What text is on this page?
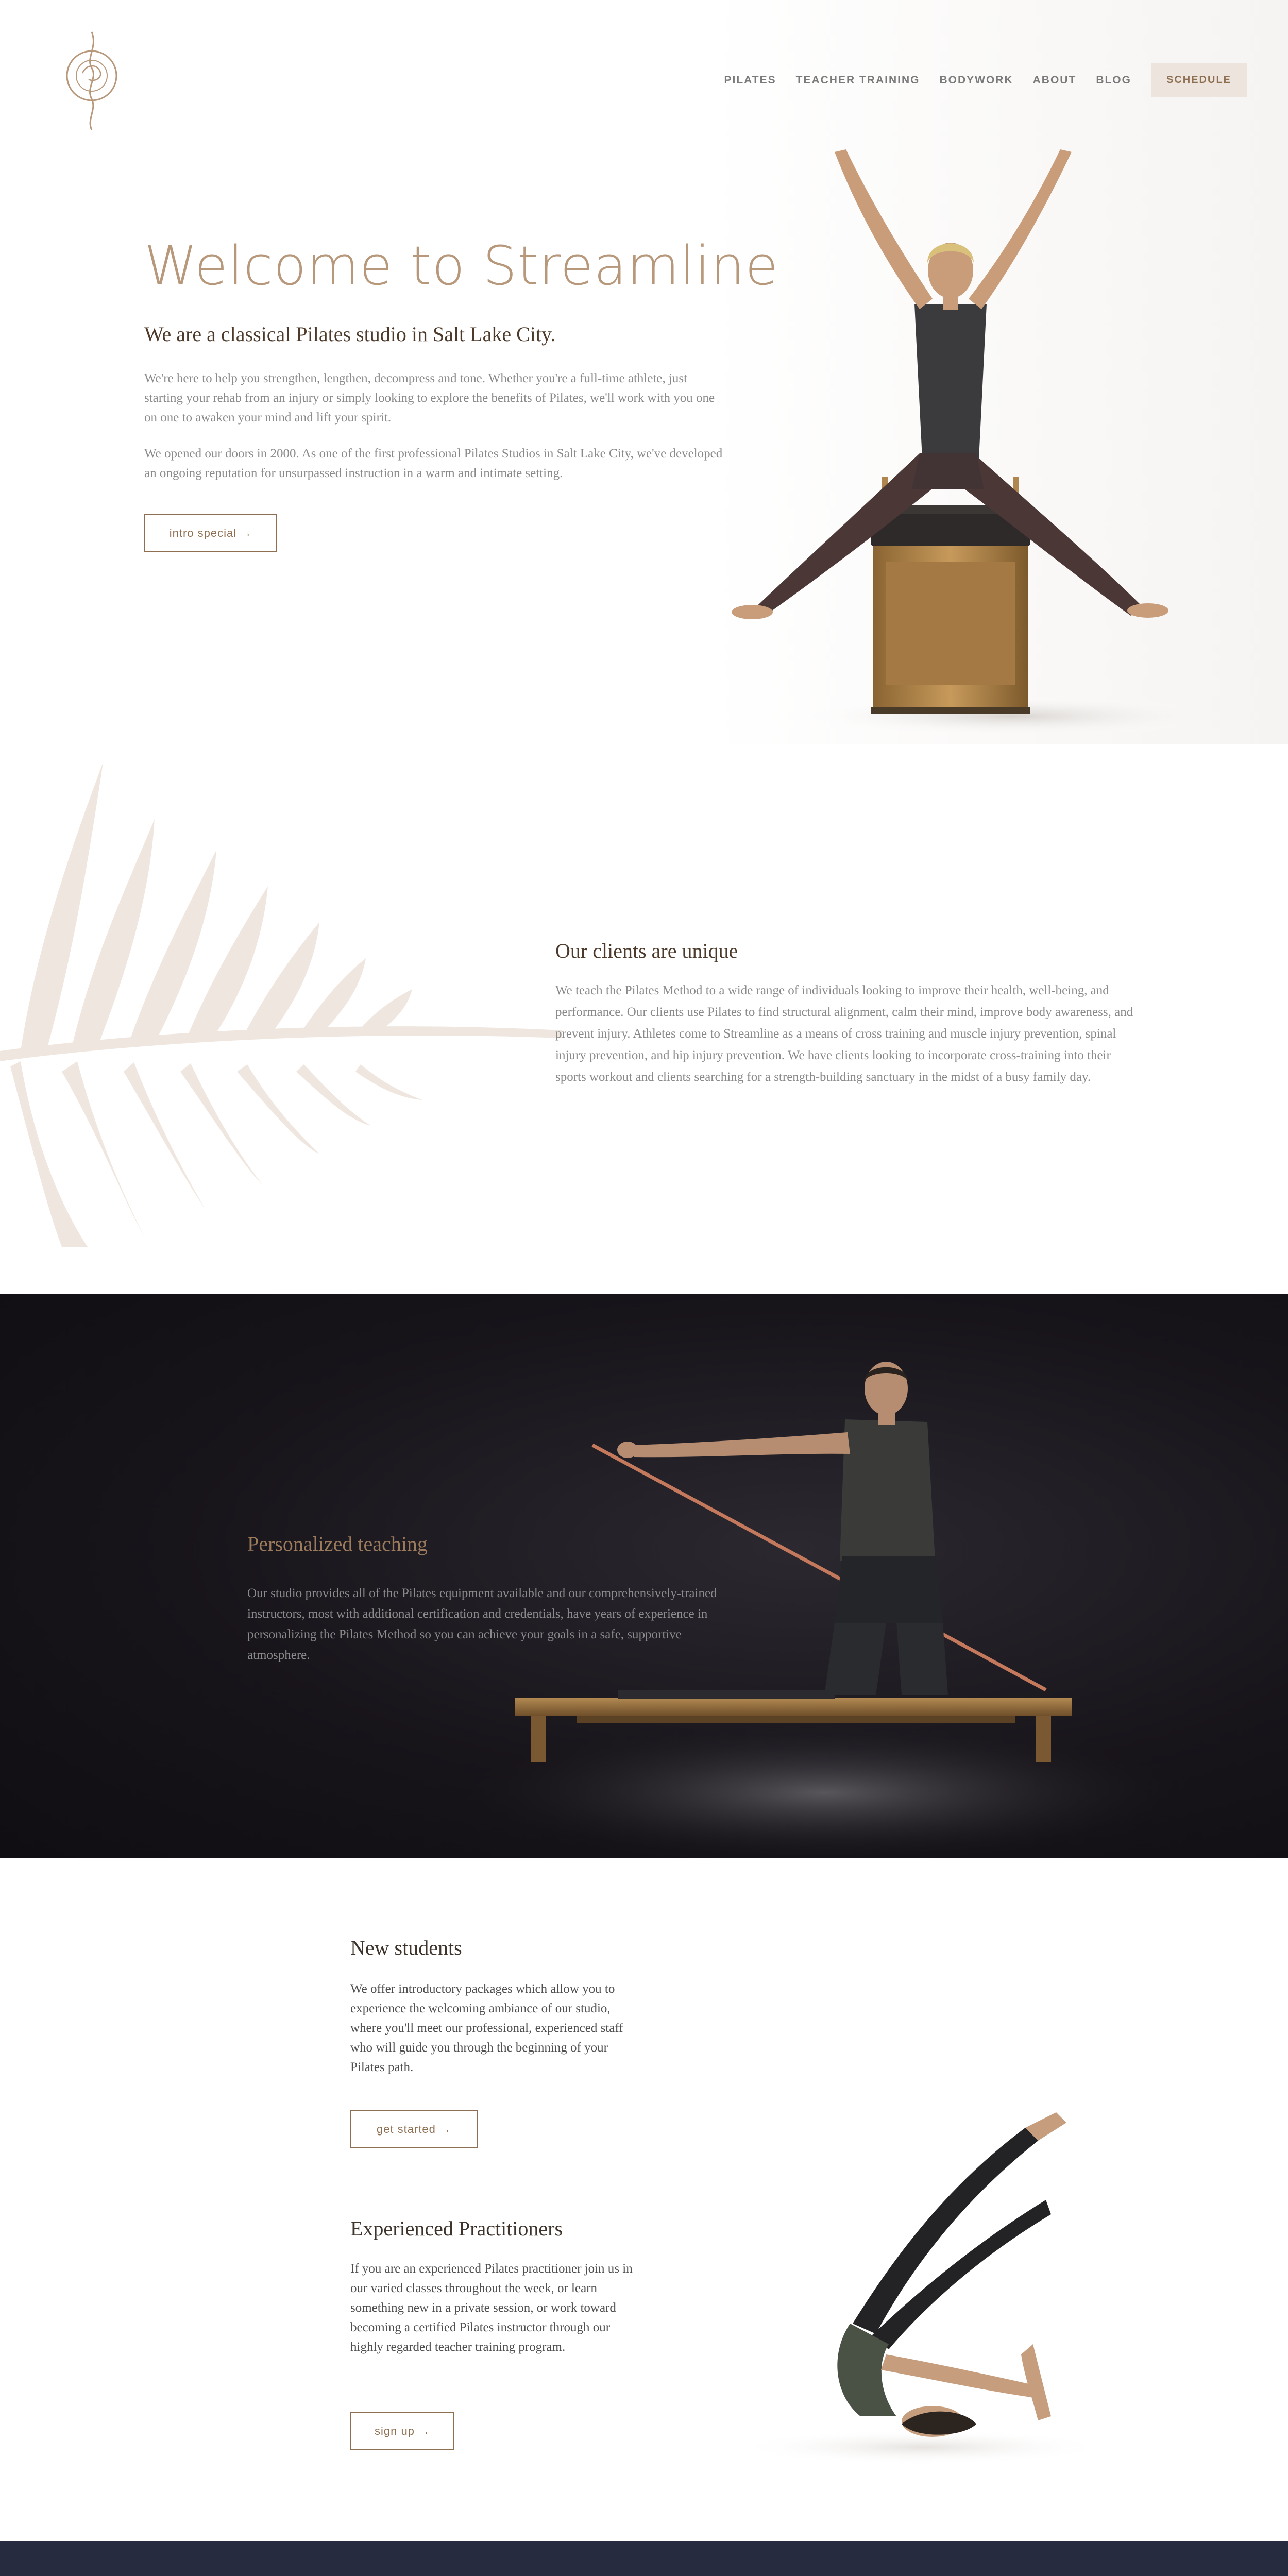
PILATES TEACHER TRAINING BODYWORK ABOUT BLOG	SCHEDULE
Welcome to Streamline
We are a classical Pilates studio in Salt Lake City.

We're here to help you strengthen, lengthen, decompress and tone. Whether you're a full-time athlete, just starting your rehab from an injury or simply looking to explore the benefits of Pilates, we'll work with you one on one to awaken your mind and lift your spirit.

We opened our doors in 2000. As one of the first professional Pilates Studios in Salt Lake City, we've developed an ongoing reputation for unsurpassed instruction in a warm and intimate setting.

intro special →
Our clients are unique

We teach the Pilates Method to a wide range of individuals looking to improve their health, well-being, and performance. Our clients use Pilates to find structural alignment, calm their mind, improve body awareness, and prevent injury. Athletes come to Streamline as a means of cross training and muscle injury prevention, spinal injury prevention, and hip injury prevention. We have clients looking to incorporate cross-training into their sports workout and clients searching for a strength-building sanctuary in the midst of a busy family day.

Personalized teaching

Our studio provides all of the Pilates equipment available and our comprehensively-trained instructors, most with additional certification and credentials, have years of experience in personalizing the Pilates Method so you can achieve your goals in a safe, supportive atmosphere.

New students

We offer introductory packages which allow you to experience the welcoming ambiance of our studio, where you'll meet our professional, experienced staff who will guide you through the beginning of your Pilates path.

get started →
Experienced Practitioners

If you are an experienced Pilates practitioner join us in our varied classes throughout the week, or learn something new in a private session, or work toward becoming a certified Pilates instructor through our highly regarded teacher training program.

sign up →
